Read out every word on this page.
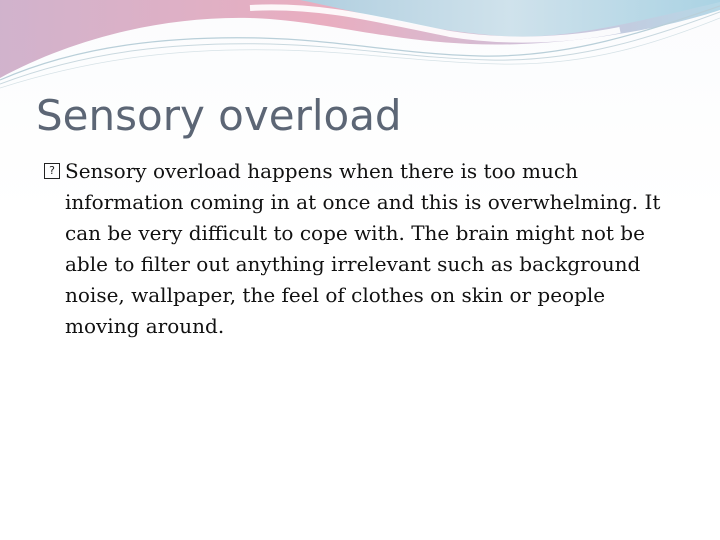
Sensory overload
? Sensory overload happens when there is too much information coming in at once and this is overwhelming. It can be very difficult to cope with. The brain might not be able to filter out anything irrelevant such as background noise, wallpaper, the feel of clothes on skin or people moving around.
